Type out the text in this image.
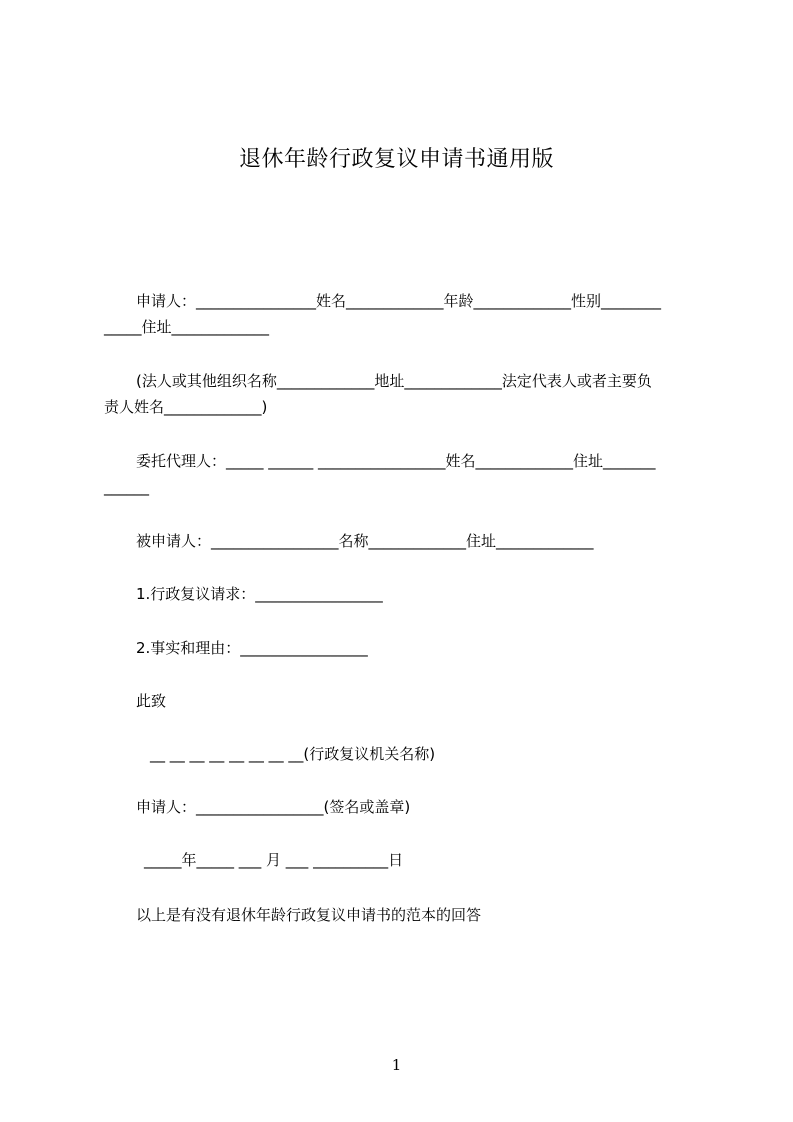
退休年龄行政复议申请书通用版
申请人：________________姓名_____________年龄_____________性别________
_____住址_____________
(法人或其他组织名称_____________地址_____________法定代表人或者主要负
责人姓名_____________)
委托代理人：_____ ______ _________________姓名_____________住址_______
______
被申请人：_________________名称_____________住址_____________
1.行政复议请求：_________________
2.事实和理由：_________________
此致
__ __ __ __ __ __ __ __(行政复议机关名称)
申请人：_________________(签名或盖章)
_____年_____ ___ 月 ___ __________日
以上是有没有退休年龄行政复议申请书的范本的回答
1
